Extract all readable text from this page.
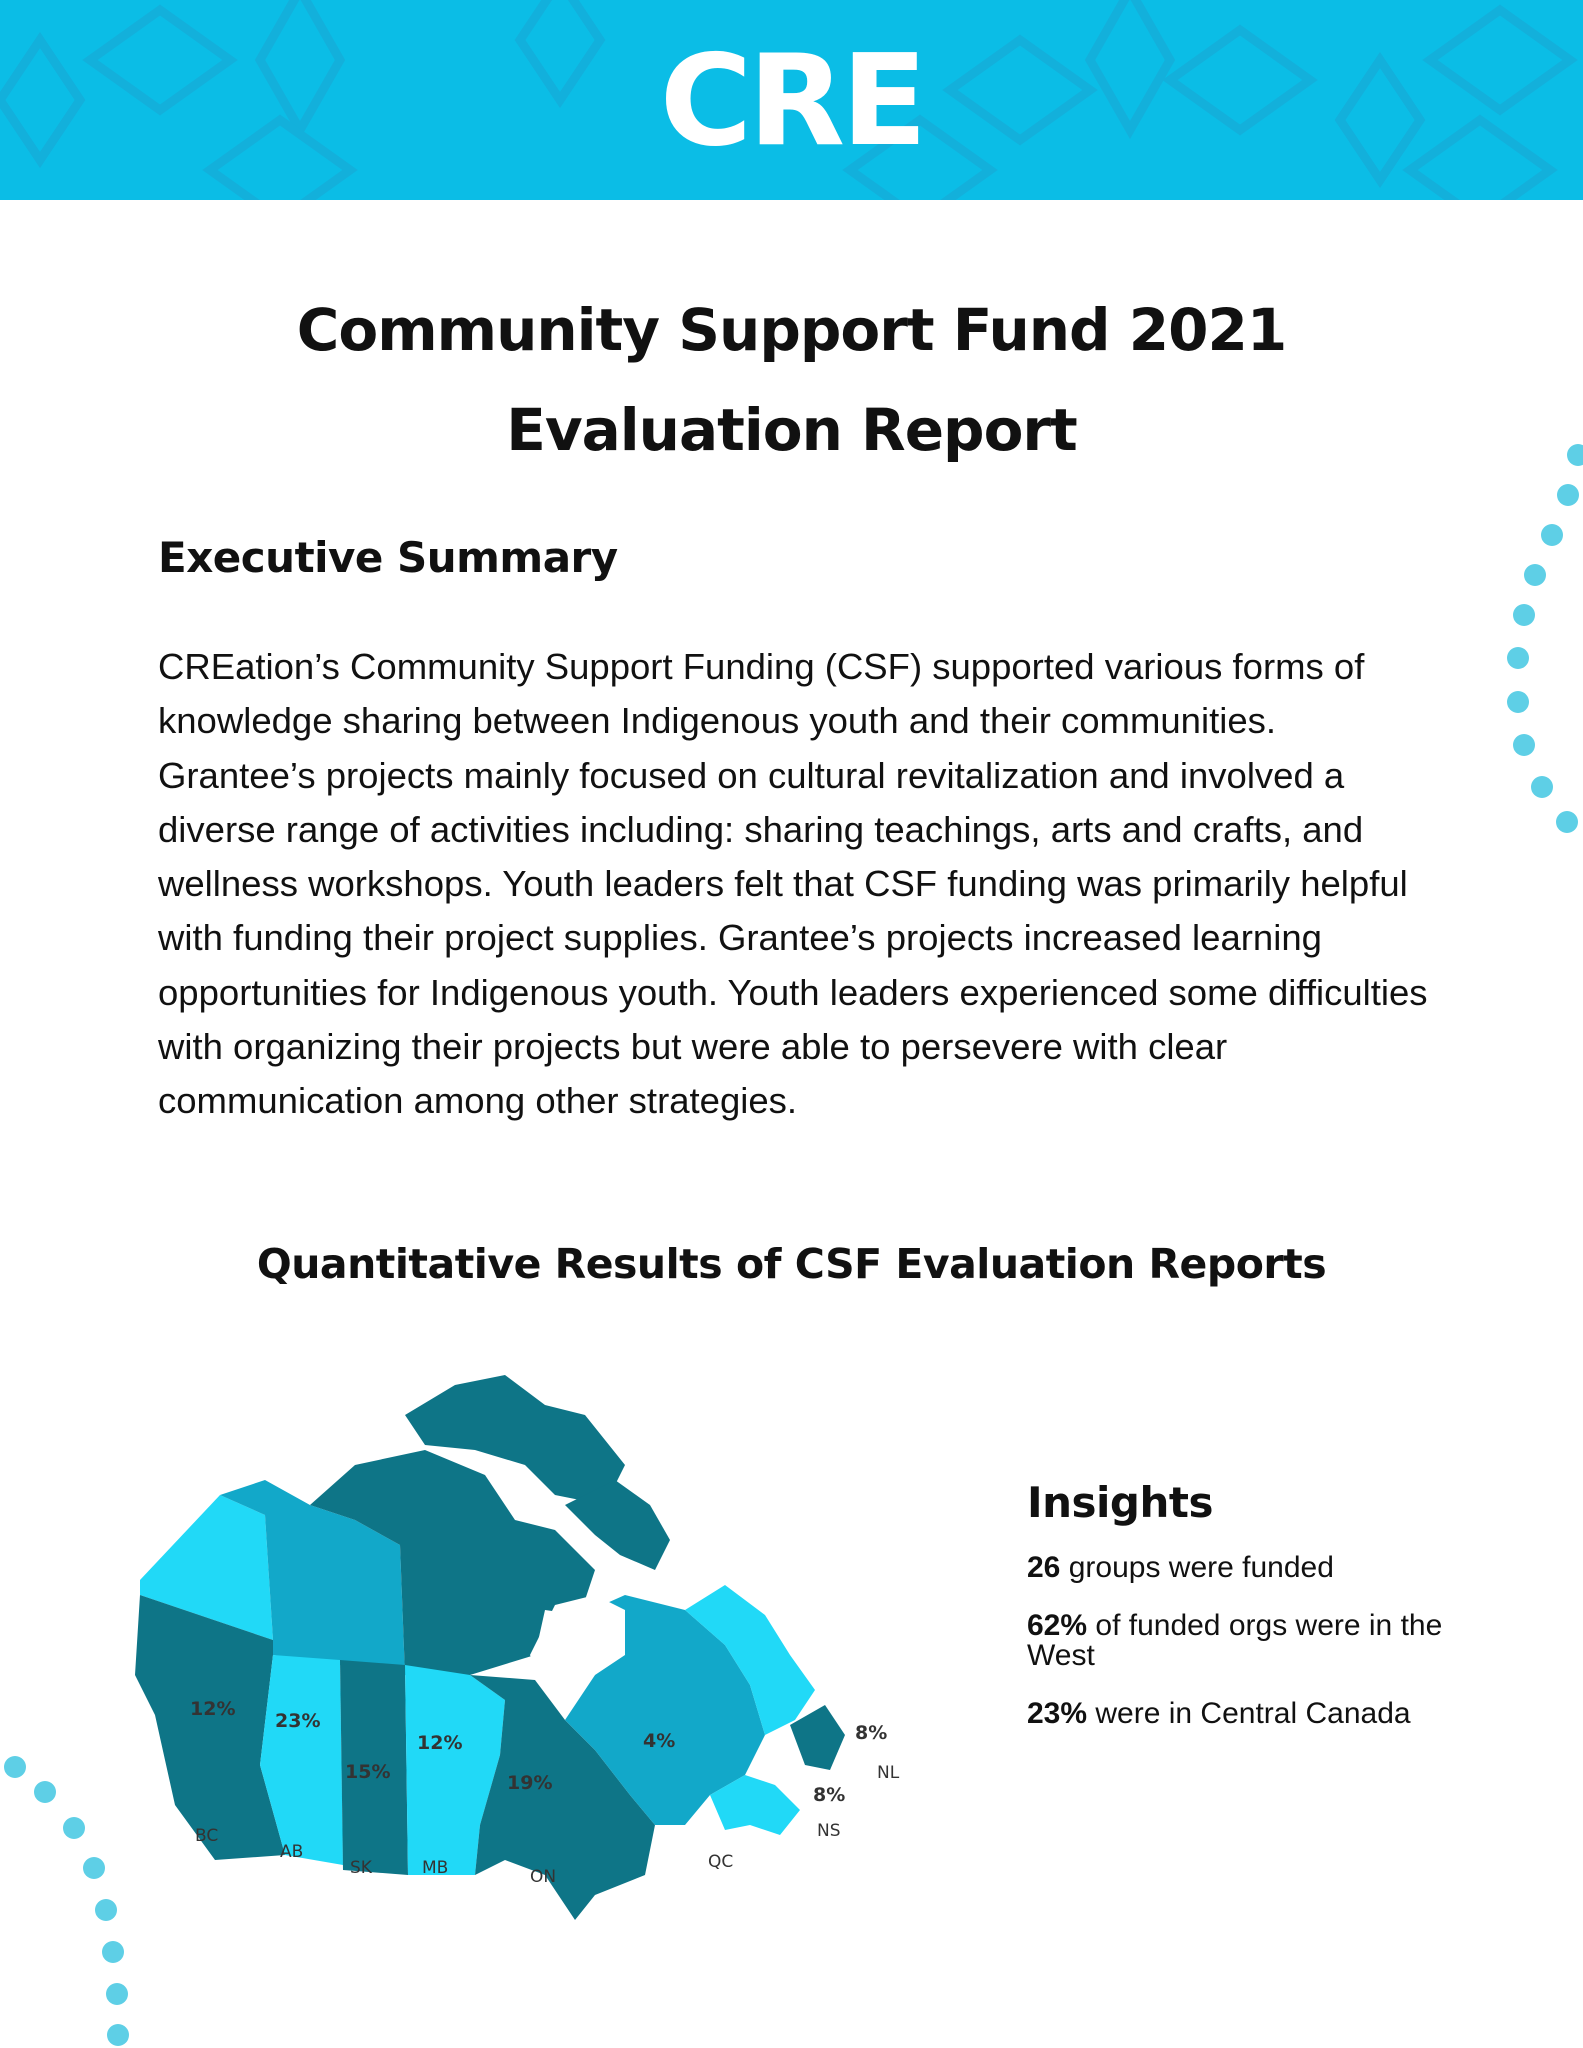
CRE
Community Support Fund 2021
Evaluation Report
Executive Summary

CREation’s Community Support Funding (CSF) supported various forms of knowledge sharing between Indigenous youth and their communities. Grantee’s projects mainly focused on cultural revitalization and involved a diverse range of activities including: sharing teachings, arts and crafts, and wellness workshops. Youth leaders felt that CSF funding was primarily helpful with funding their project supplies. Grantee’s projects increased learning opportunities for Indigenous youth. Youth leaders experienced some difficulties with organizing their projects but were able to persevere with clear communication among other strategies.

Quantitative Results of CSF Evaluation Reports
12%
23%
15%
12%
19%
4%	8%
8%
BC
AB
SK	MB	ON
QC
NL
NS
Insights
26 groups were funded
62% of funded orgs were in the West
23% were in Central Canada
